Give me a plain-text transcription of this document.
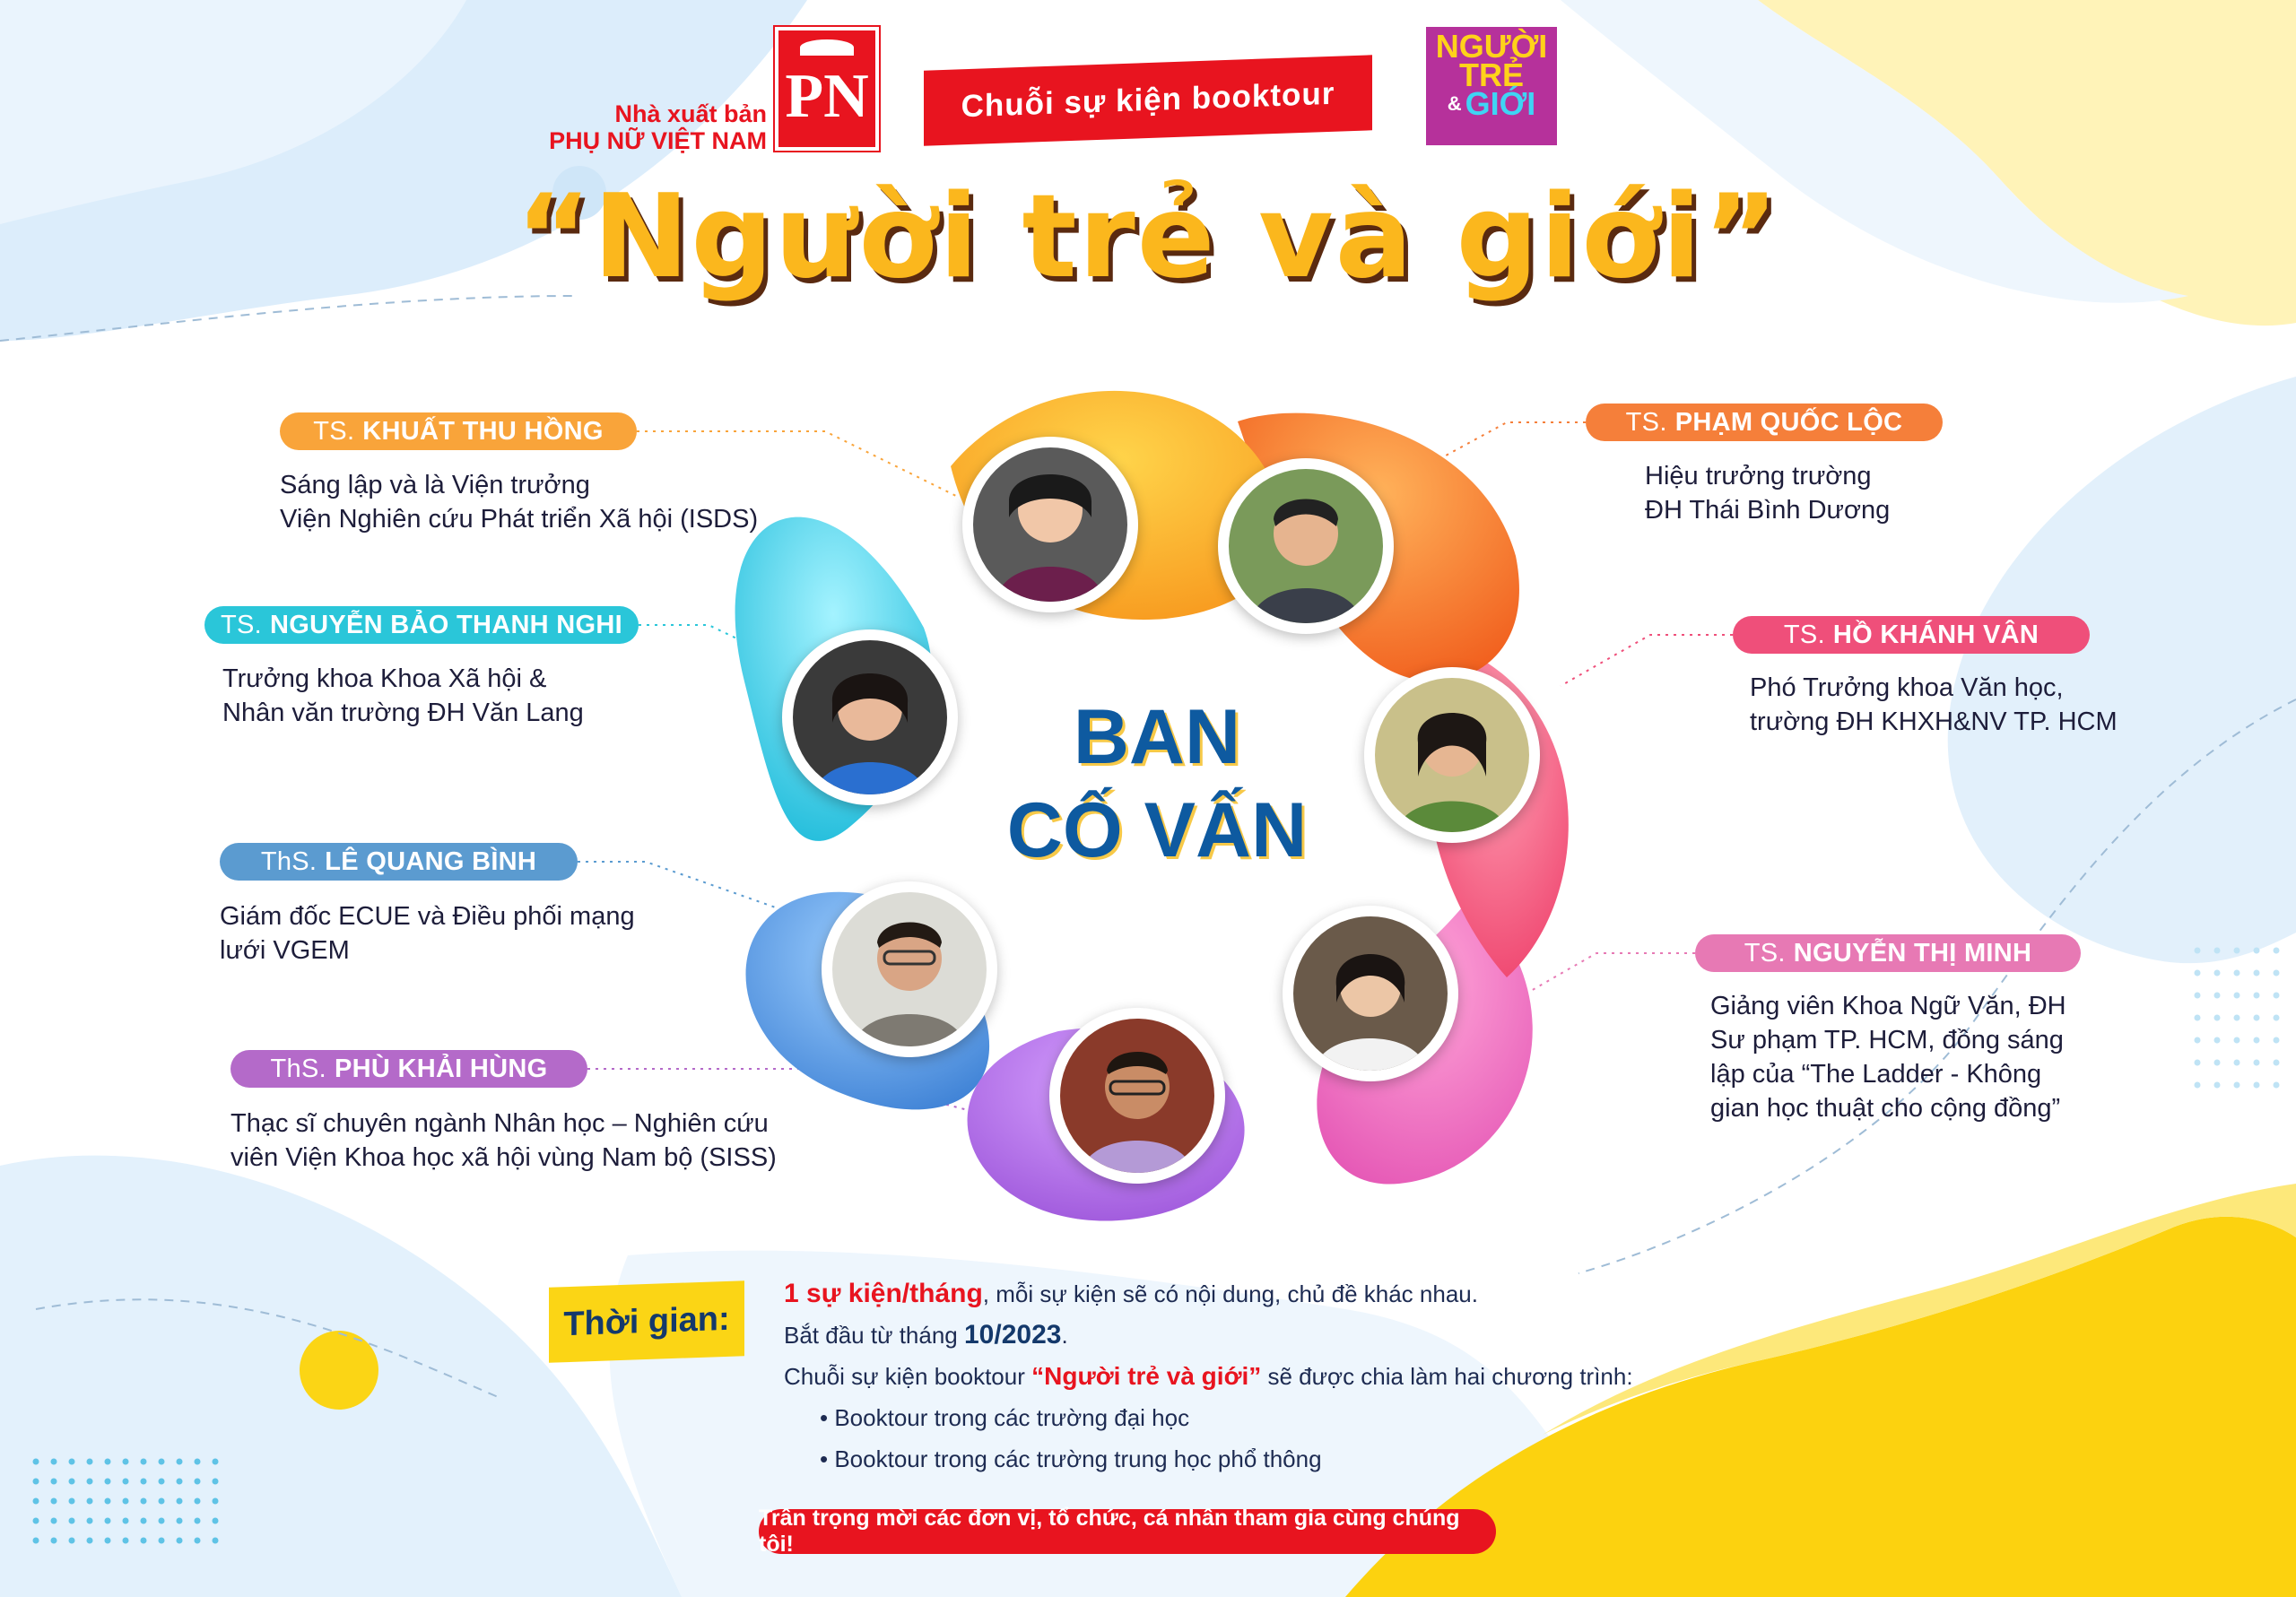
Nhà xuất bản
PHỤ NỮ VIỆT NAM
PN	Chuỗi sự kiện booktour
NGƯỜI
TRẺ
& GIỚI
“Người trẻ và giới”
BAN
CỐ VẤN
TS. KHUẤT THU HỒNG
Sáng lập và là Viện trưởng
Viện Nghiên cứu Phát triển Xã hội (ISDS)
TS. NGUYỄN BẢO THANH NGHI
Trưởng khoa Khoa Xã hội &
Nhân văn trường ĐH Văn Lang
ThS. LÊ QUANG BÌNH
Giám đốc ECUE và Điều phối mạng
lưới VGEM
ThS. PHÙ KHẢI HÙNG
Thạc sĩ chuyên ngành Nhân học – Nghiên cứu
viên Viện Khoa học xã hội vùng Nam bộ (SISS)
TS. PHẠM QUỐC LỘC
Hiệu trưởng trường
ĐH Thái Bình Dương
TS. HỒ KHÁNH VÂN
Phó Trưởng khoa Văn học,
trường ĐH KHXH&NV TP. HCM
TS. NGUYỄN THỊ MINH
Giảng viên Khoa Ngữ Văn, ĐH
Sư phạm TP. HCM, đồng sáng
lập của “The Ladder - Không
gian học thuật cho cộng đồng”
Thời gian:
1 sự kiện/tháng, mỗi sự kiện sẽ có nội dung, chủ đề khác nhau.
Bắt đầu từ tháng 10/2023.
Chuỗi sự kiện booktour “Người trẻ và giới” sẽ được chia làm hai chương trình:
• Booktour trong các trường đại học
• Booktour trong các trường trung học phổ thông
Trân trọng mời các đơn vị, tổ chức, cá nhân tham gia cùng chúng tôi!
